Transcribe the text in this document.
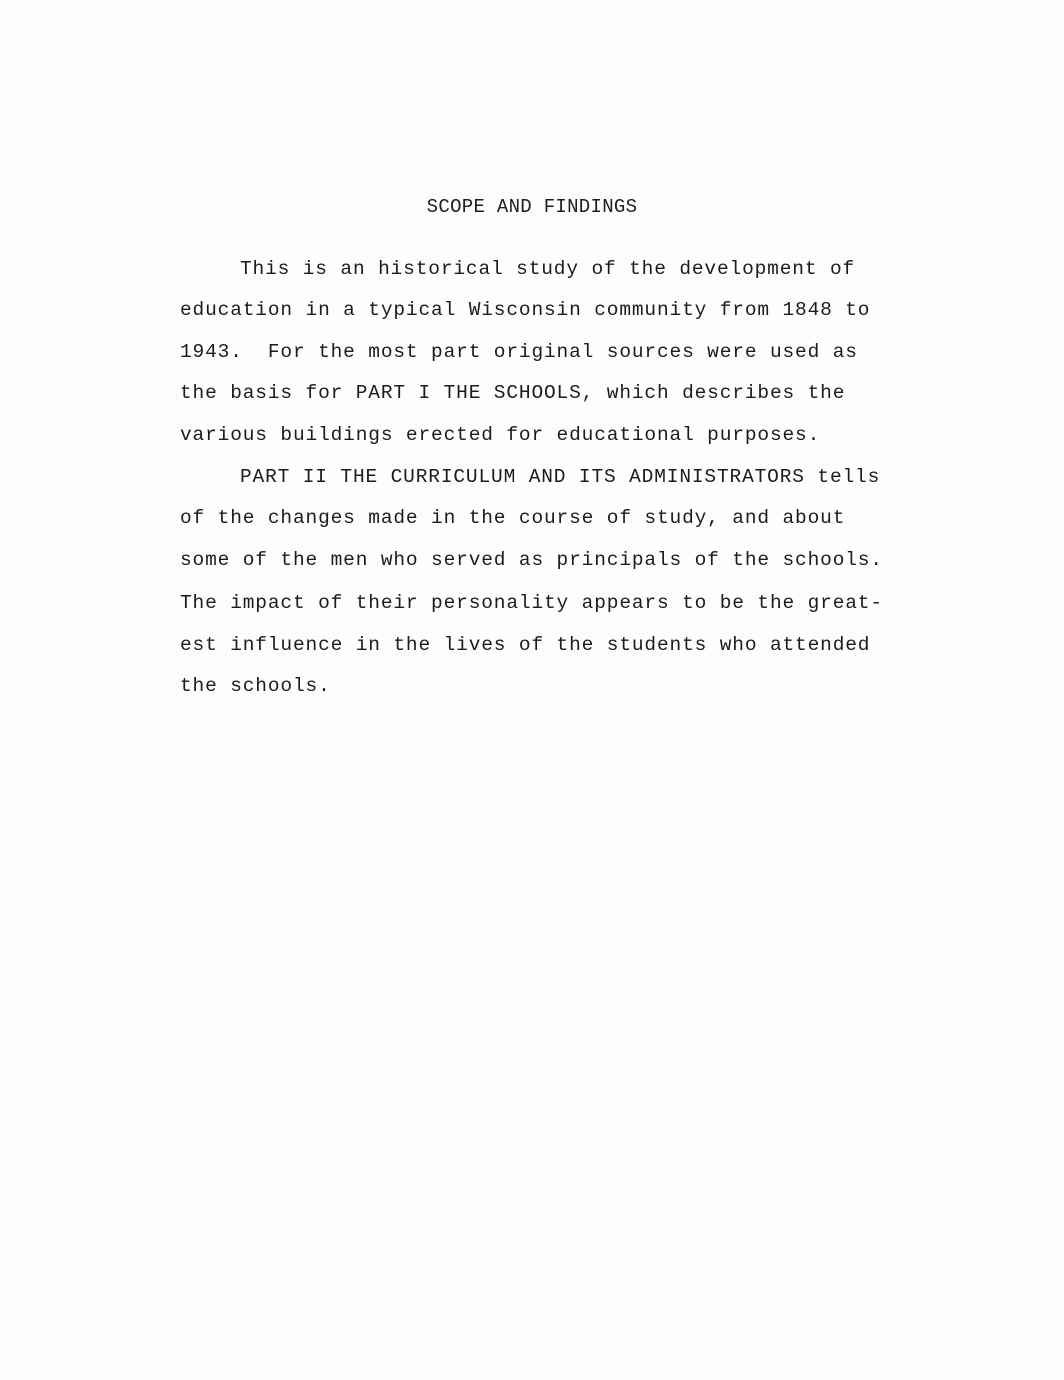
SCOPE AND FINDINGS

This is an historical study of the development of

education in a typical Wisconsin community from 1848 to

1943.  For the most part original sources were used as

the basis for PART I THE SCHOOLS, which describes the

various buildings erected for educational purposes.

PART II THE CURRICULUM AND ITS ADMINISTRATORS tells

of the changes made in the course of study, and about

some of the men who served as principals of the schools.

The impact of their personality appears to be the great-

est influence in the lives of the students who attended

the schools.
